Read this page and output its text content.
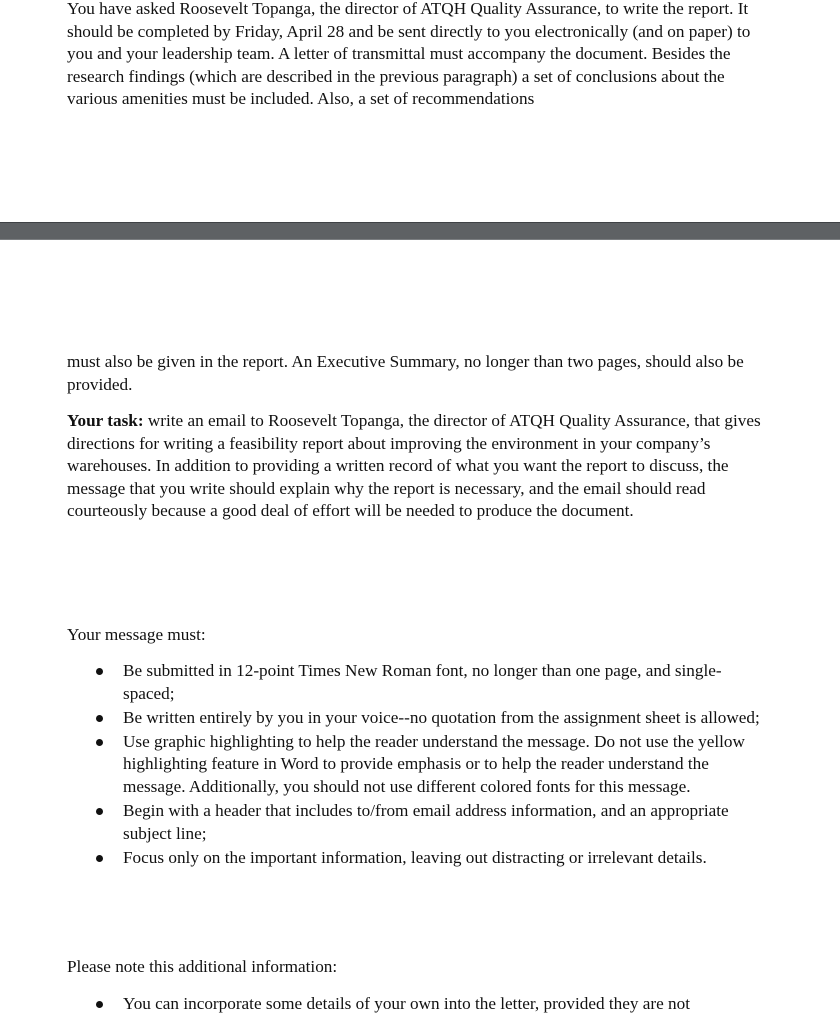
You have asked Roosevelt Topanga, the director of ATQH Quality Assurance, to write the report. It should be completed by Friday, April 28 and be sent directly to you electronically (and on paper) to you and your leadership team. A letter of transmittal must accompany the document. Besides the research findings (which are described in the previous paragraph) a set of conclusions about the various amenities must be included. Also, a set of recommendations

must also be given in the report. An Executive Summary, no longer than two pages, should also be provided.

Your task: write an email to Roosevelt Topanga, the director of ATQH Quality Assurance, that gives directions for writing a feasibility report about improving the environment in your company’s warehouses. In addition to providing a written record of what you want the report to discuss, the message that you write should explain why the report is necessary, and the email should read courteously because a good deal of effort will be needed to produce the document.

Your message must:

Be submitted in 12-point Times New Roman font, no longer than one page, and single-spaced;
Be written entirely by you in your voice--no quotation from the assignment sheet is allowed;
Use graphic highlighting to help the reader understand the message. Do not use the yellow highlighting feature in Word to provide emphasis or to help the reader understand the message. Additionally, you should not use different colored fonts for this message.
Begin with a header that includes to/from email address information, and an appropriate subject line;
Focus only on the important information, leaving out distracting or irrelevant details.

Please note this additional information:

You can incorporate some details of your own into the letter, provided they are not
